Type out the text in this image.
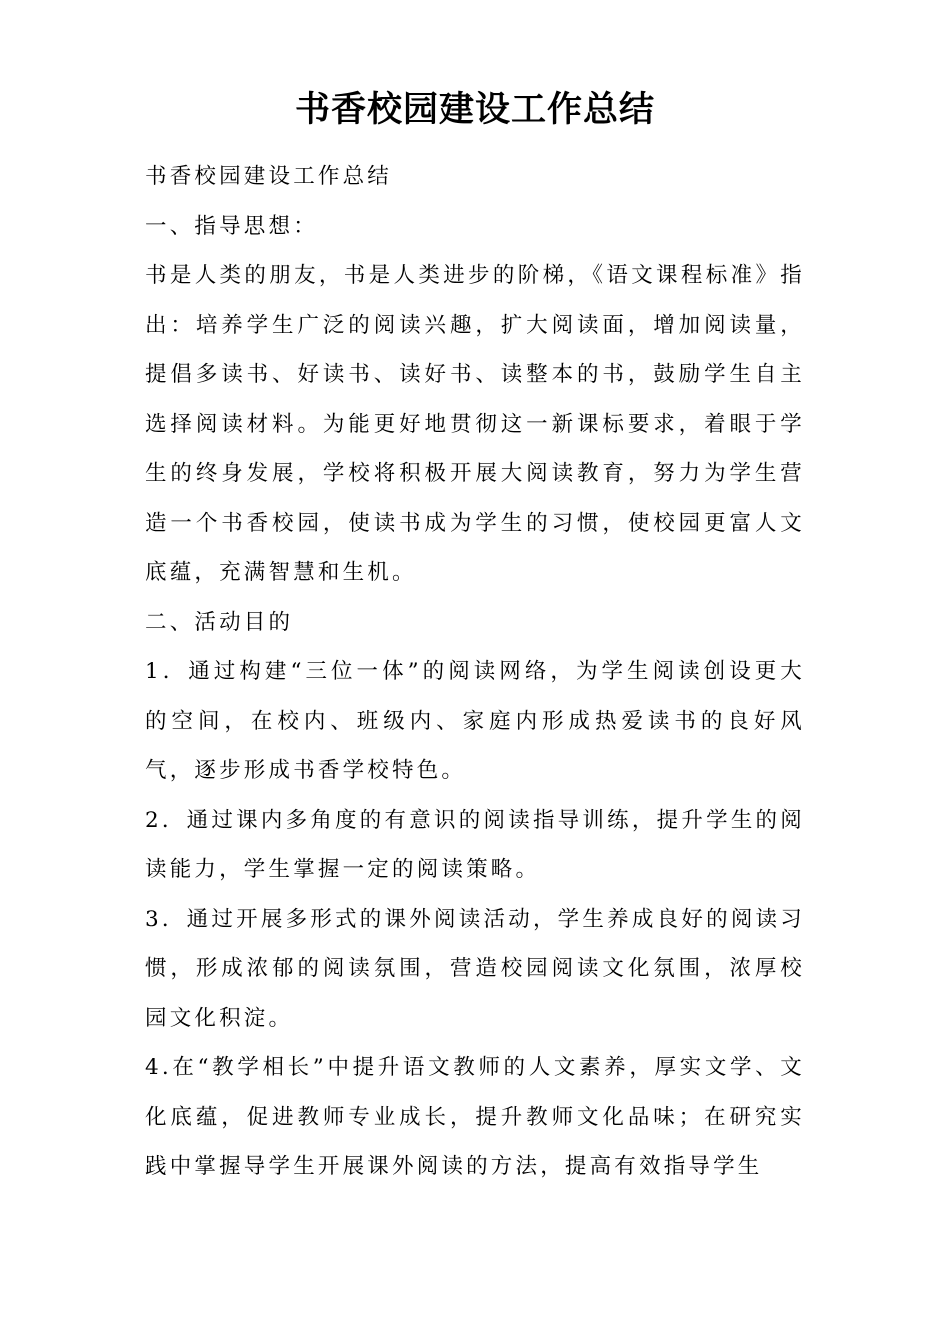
书香校园建设工作总结

书香校园建设工作总结

一、指导思想：

书是人类的朋友，书是人类进步的阶梯，《语文课程标准》指出：培养学生广泛的阅读兴趣，扩大阅读面，增加阅读量，提倡多读书、好读书、读好书、读整本的书，鼓励学生自主选择阅读材料。为能更好地贯彻这一新课标要求，着眼于学生的终身发展，学校将积极开展大阅读教育，努力为学生营造一个书香校园，使读书成为学生的习惯，使校园更富人文底蕴，充满智慧和生机。

二、活动目的

1．通过构建“三位一体”的阅读网络，为学生阅读创设更大的空间，在校内、班级内、家庭内形成热爱读书的良好风气，逐步形成书香学校特色。

2．通过课内多角度的有意识的阅读指导训练，提升学生的阅读能力，学生掌握一定的阅读策略。

3．通过开展多形式的课外阅读活动，学生养成良好的阅读习惯，形成浓郁的阅读氛围，营造校园阅读文化氛围，浓厚校园文化积淀。

4.在“教学相长”中提升语文教师的人文素养，厚实文学、文化底蕴，促进教师专业成长，提升教师文化品味；在研究实践中掌握导学生开展课外阅读的方法，提高有效指导学生
